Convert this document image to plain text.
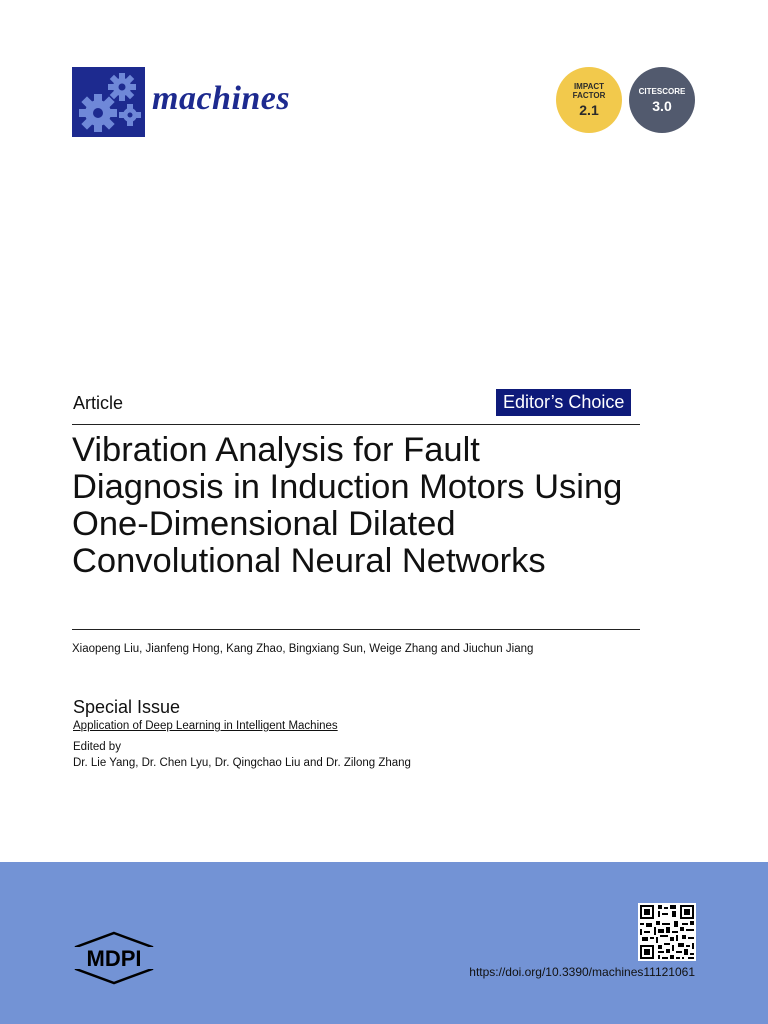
machines	IMPACT
FACTOR
2.1
CITESCORE
3.0
Article	Editor’s Choice
Vibration Analysis for Fault Diagnosis in Induction Motors Using One-Dimensional Dilated Convolutional Neural Networks
Xiaopeng Liu, Jianfeng Hong, Kang Zhao, Bingxiang Sun, Weige Zhang and Jiuchun Jiang
Special Issue
Application of Deep Learning in Intelligent Machines
Edited by
Dr. Lie Yang, Dr. Chen Lyu, Dr. Qingchao Liu and Dr. Zilong Zhang
MDPI
https://doi.org/10.3390/machines11121061
